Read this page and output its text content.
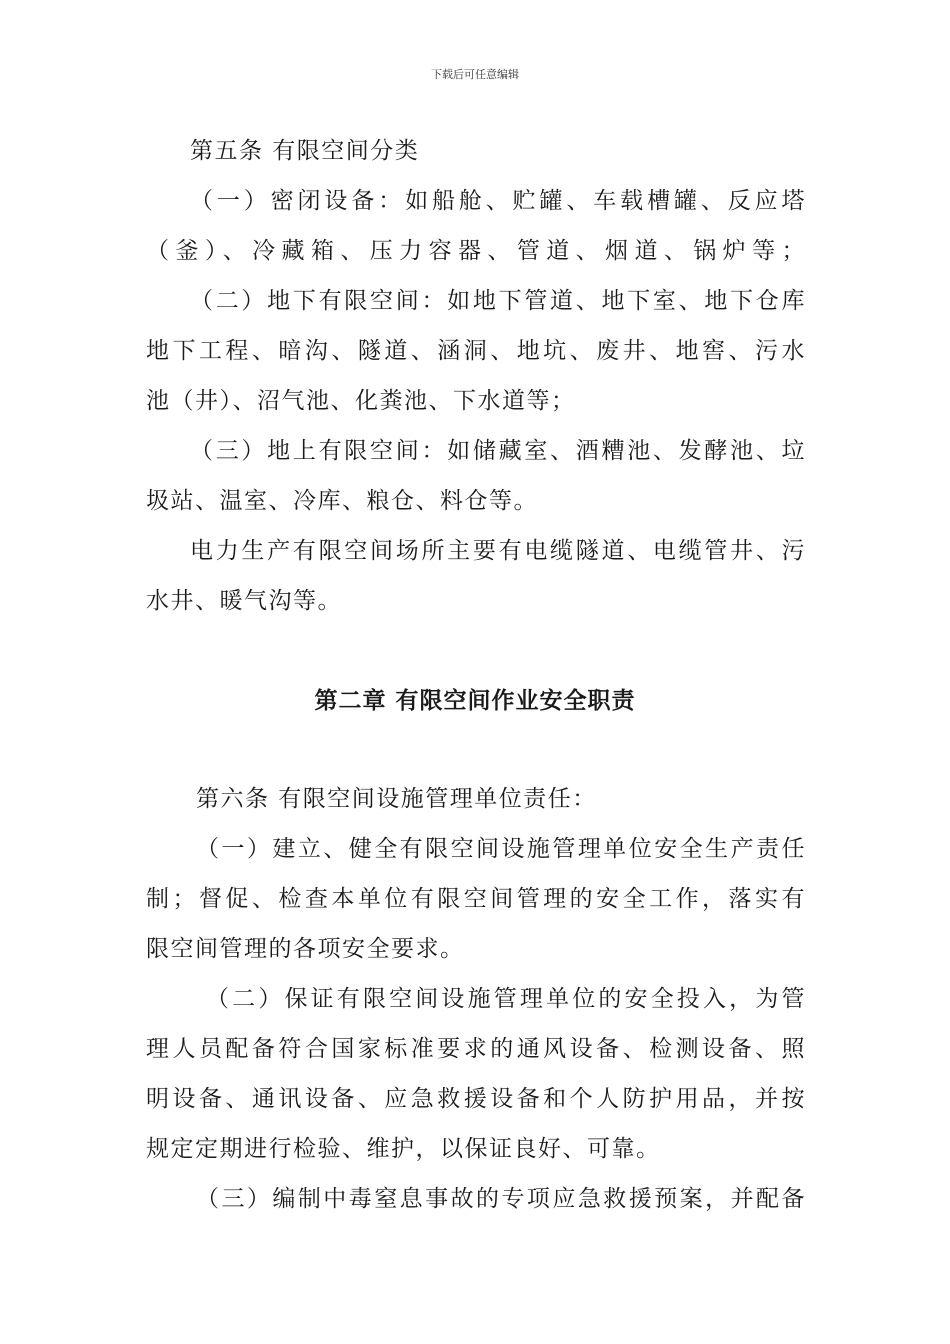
下载后可任意编辑
第五条 有限空间分类
（一）密闭设备：如船舱、贮罐、车载槽罐、反应塔
（釜）、冷藏箱、压力容器、管道、烟道、锅炉等；
（二）地下有限空间：如地下管道、地下室、地下仓库
地下工程、暗沟、隧道、涵洞、地坑、废井、地窖、污水
池（井）、沼气池、化粪池、下水道等；
（三）地上有限空间：如储藏室、酒糟池、发酵池、垃
圾站、温室、冷库、粮仓、料仓等。
电力生产有限空间场所主要有电缆隧道、电缆管井、污
水井、暖气沟等。
第二章 有限空间作业安全职责
第六条 有限空间设施管理单位责任：
（一）建立、健全有限空间设施管理单位安全生产责任
制；督促、检查本单位有限空间管理的安全工作，落实有
限空间管理的各项安全要求。
（二）保证有限空间设施管理单位的安全投入，为管
理人员配备符合国家标准要求的通风设备、检测设备、照
明设备、通讯设备、应急救援设备和个人防护用品，并按
规定定期进行检验、维护，以保证良好、可靠。
（三）编制中毒窒息事故的专项应急救援预案，并配备
